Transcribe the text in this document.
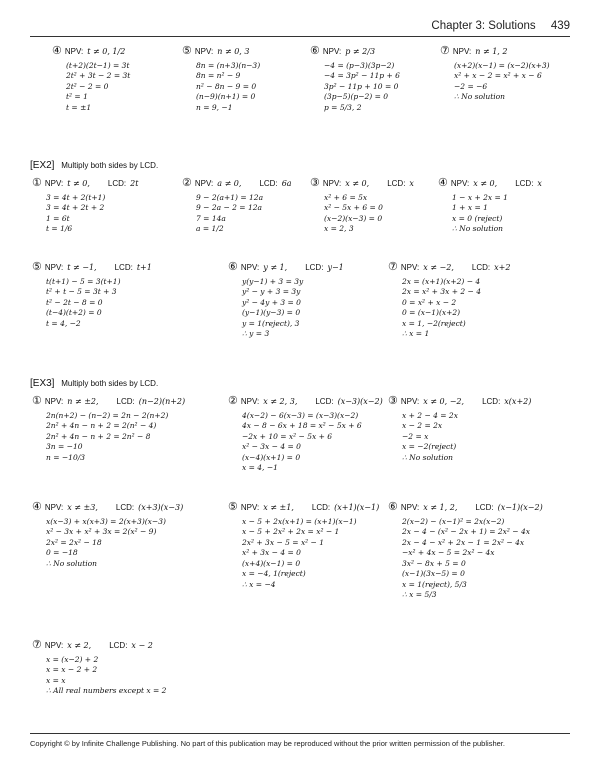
Chapter 3: Solutions 439
[EX2] Multiply both sides by LCD.
[EX3] Multiply both sides by LCD.
④ NPV: t ≠ 0, 1/2
(t+2)(2t−1) = 3t
2t² + 3t − 2 = 3t
2t² − 2 = 0
t² = 1
t = ±1
⑤ NPV: n ≠ 0, 3
8n = (n+3)(n−3)
8n = n² − 9
n² − 8n − 9 = 0
(n−9)(n+1) = 0
n = 9, −1
⑥ NPV: p ≠ 2/3
−4 = (p−3)(3p−2)
−4 = 3p² − 11p + 6
3p² − 11p + 10 = 0
(3p−5)(p−2) = 0
p = 5/3, 2
⑦ NPV: n ≠ 1, 2
(x+2)(x−1) = (x−2)(x+3)
x² + x − 2 = x² + x − 6
−2 = −6
∴ No solution
① NPV: t ≠ 0, LCD: 2t
3 = 4t + 2(t+1)
3 = 4t + 2t + 2
1 = 6t
t = 1/6
② NPV: a ≠ 0, LCD: 6a
9 − 2(a+1) = 12a
9 − 2a − 2 = 12a
7 = 14a
a = 1/2
③ NPV: x ≠ 0, LCD: x
x² + 6 = 5x
x² − 5x + 6 = 0
(x−2)(x−3) = 0
x = 2, 3
④ NPV: x ≠ 0, LCD: x
1 − x + 2x = 1
1 + x = 1
x = 0 (reject)
∴ No solution
⑤ NPV: t ≠ −1, LCD: t+1
t(t+1) − 5 = 3(t+1)
t² + t − 5 = 3t + 3
t² − 2t − 8 = 0
(t−4)(t+2) = 0
t = 4, −2
⑥ NPV: y ≠ 1, LCD: y−1
y(y−1) + 3 = 3y
y² − y + 3 = 3y
y² − 4y + 3 = 0
(y−1)(y−3) = 0
y = 1(reject), 3
∴ y = 3
⑦ NPV: x ≠ −2, LCD: x+2
2x = (x+1)(x+2) − 4
2x = x² + 3x + 2 − 4
0 = x² + x − 2
0 = (x−1)(x+2)
x = 1, −2(reject)
∴ x = 1
① NPV: n ≠ ±2, LCD: (n−2)(n+2)
2n(n+2) − (n−2) = 2n − 2(n+2)
2n² + 4n − n + 2 = 2(n² − 4)
2n² + 4n − n + 2 = 2n² − 8
3n = −10
n = −10/3
② NPV: x ≠ 2, 3, LCD: (x−3)(x−2)
4(x−2) − 6(x−3) = (x−3)(x−2)
4x − 8 − 6x + 18 = x² − 5x + 6
−2x + 10 = x² − 5x + 6
x² − 3x − 4 = 0
(x−4)(x+1) = 0
x = 4, −1
③ NPV: x ≠ 0, −2, LCD: x(x+2)
x + 2 − 4 = 2x
x − 2 = 2x
−2 = x
x = −2(reject)
∴ No solution
④ NPV: x ≠ ±3, LCD: (x+3)(x−3)
x(x−3) + x(x+3) = 2(x+3)(x−3)
x² − 3x + x² + 3x = 2(x² − 9)
2x² = 2x² − 18
0 = −18
∴ No solution
⑤ NPV: x ≠ ±1, LCD: (x+1)(x−1)
x − 5 + 2x(x+1) = (x+1)(x−1)
x − 5 + 2x² + 2x = x² − 1
2x² + 3x − 5 = x² − 1
x² + 3x − 4 = 0
(x+4)(x−1) = 0
x = −4, 1(reject)
∴ x = −4
⑥ NPV: x ≠ 1, 2, LCD: (x−1)(x−2)
2(x−2) − (x−1)² = 2x(x−2)
2x − 4 − (x² − 2x + 1) = 2x² − 4x
2x − 4 − x² + 2x − 1 = 2x² − 4x
−x² + 4x − 5 = 2x² − 4x
3x² − 8x + 5 = 0
(x−1)(3x−5) = 0
x = 1(reject), 5/3
∴ x = 5/3
⑦ NPV: x ≠ 2, LCD: x − 2
x = (x−2) + 2
x = x − 2 + 2
x = x
∴ All real numbers except x = 2
Copyright © by Infinite Challenge Publishing. No part of this publication may be reproduced without the prior written permission of the publisher.
